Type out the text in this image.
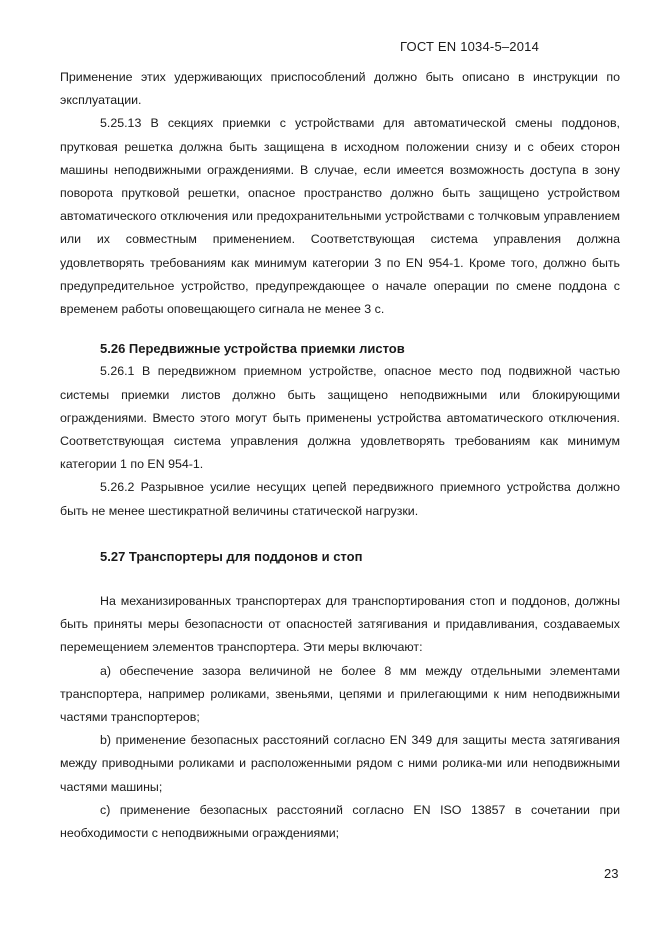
ГОСТ EN 1034-5–2014

Применение этих удерживающих приспособлений должно быть описано в инструкции по эксплуатации.

5.25.13 В секциях приемки с устройствами для автоматической смены поддонов, прутковая решетка должна быть защищена в исходном положении снизу и с обеих сторон машины неподвижными ограждениями. В случае, если имеется возможность доступа в зону поворота прутковой решетки, опасное пространство должно быть защищено устройством автоматического отключения или предохранительными устройствами с толчковым управлением или их совместным применением. Соответствующая система управления должна удовлетворять требованиям как минимум категории 3 по EN 954-1. Кроме того, должно быть предупредительное устройство, предупреждающее о начале операции по смене поддона с временем работы оповещающего сигнала не менее 3 с.

5.26 Передвижные устройства приемки листов

5.26.1 В передвижном приемном устройстве, опасное место под подвижной частью системы приемки листов должно быть защищено неподвижными или блокирующими ограждениями. Вместо этого могут быть применены устройства автоматического отключения. Соответствующая система управления должна удовлетворять требованиям как минимум категории 1 по EN 954-1.

5.26.2 Разрывное усилие несущих цепей передвижного приемного устройства должно быть не менее шестикратной величины статической нагрузки.

5.27 Транспортеры для поддонов и стоп

На механизированных транспортерах для транспортирования стоп и поддонов, должны быть приняты меры безопасности от опасностей затягивания и придавливания, создаваемых перемещением элементов транспортера. Эти меры включают:

а) обеспечение зазора величиной не более 8 мм между отдельными элементами транспортера, например роликами, звеньями, цепями и прилегающими к ним неподвижными частями транспортеров;

b) применение безопасных расстояний согласно EN 349 для защиты места затягивания между приводными роликами и расположенными рядом с ними ролика-ми или неподвижными частями машины;

c) применение безопасных расстояний согласно EN ISO 13857 в сочетании при необходимости с неподвижными ограждениями;

23
